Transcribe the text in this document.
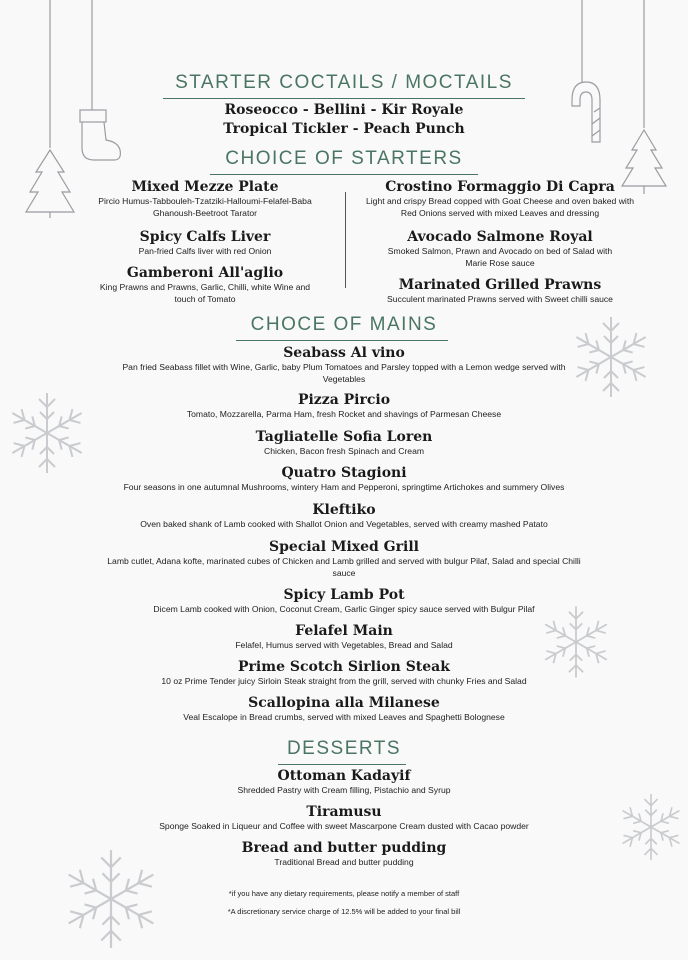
STARTER COCTAILS / MOCTAILS
Roseocco - Bellini - Kir Royale
Tropical Tickler - Peach Punch
CHOICE OF STARTERS
Mixed Mezze Plate
Pircio Humus-Tabbouleh-Tzatziki-Halloumi-Felafel-Baba Ghanoush-Beetroot Tarator
Spicy Calfs Liver
Pan-fried Calfs liver with red Onion
Gamberoni All'aglio
King Prawns and Prawns, Garlic, Chilli, white Wine and touch of Tomato
Crostino Formaggio Di Capra
Light and crispy Bread copped with Goat Cheese and oven baked with Red Onions served with mixed Leaves and dressing
Avocado Salmone Royal
Smoked Salmon, Prawn and Avocado on bed of Salad with Marie Rose sauce
Marinated Grilled Prawns
Succulent marinated Prawns served with Sweet chilli sauce
CHOCE OF MAINS
Seabass Al vino
Pan fried Seabass fillet with Wine, Garlic, baby Plum Tomatoes and Parsley topped with a Lemon wedge served with Vegetables
Pizza Pircio
Tomato, Mozzarella, Parma Ham, fresh Rocket and shavings of Parmesan Cheese
Tagliatelle Sofia Loren
Chicken, Bacon fresh Spinach and Cream
Quatro Stagioni
Four seasons in one autumnal Mushrooms, wintery Ham and Pepperoni, springtime Artichokes and summery Olives
Kleftiko
Oven baked shank of Lamb cooked with Shallot Onion and Vegetables, served with creamy mashed Patato
Special Mixed Grill
Lamb cutlet, Adana kofte, marinated cubes of Chicken and Lamb grilled and served with bulgur Pilaf, Salad and special Chilli sauce
Spicy Lamb Pot
Dicem Lamb cooked with Onion, Coconut Cream, Garlic Ginger spicy sauce served with Bulgur Pilaf
Felafel Main
Felafel, Humus served with Vegetables, Bread and Salad
Prime Scotch Sirlion Steak
10 oz Prime Tender juicy Sirloin Steak straight from the grill, served with chunky Fries and Salad
Scallopina alla Milanese
Veal Escalope in Bread crumbs, served with mixed Leaves and Spaghetti Bolognese
DESSERTS
Ottoman Kadayif
Shredded Pastry with Cream filling, Pistachio and Syrup
Tiramusu
Sponge Soaked in Liqueur and Coffee with sweet Mascarpone Cream dusted with Cacao powder
Bread and butter pudding
Traditional Bread and butter pudding
*if you have any dietary requirements, please notify a member of staff
*A discretionary service charge of 12.5% will be added to your final bill
